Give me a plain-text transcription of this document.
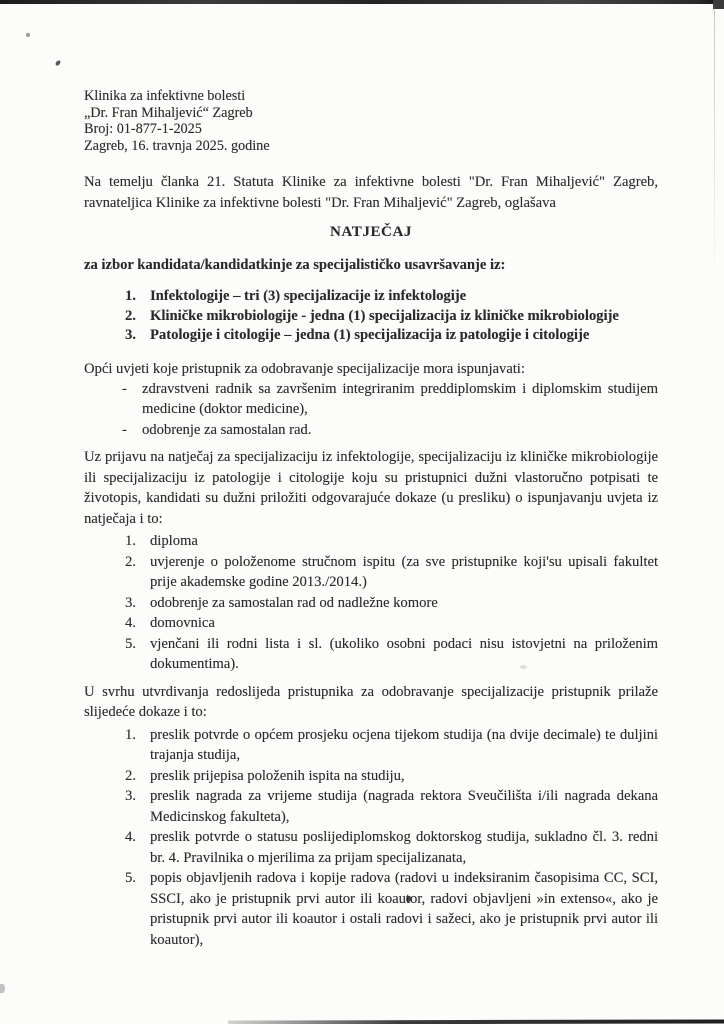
Klinika za infektivne bolesti
„Dr. Fran Mihaljević“ Zagreb
Broj: 01-877-1-2025
Zagreb, 16. travnja 2025. godine

Na temelju članka 21. Statuta Klinike za infektivne bolesti "Dr. Fran Mihaljević" Zagreb, ravnateljica Klinike za infektivne bolesti "Dr. Fran Mihaljević" Zagreb, oglašava

NATJEČAJ

za izbor kandidata/kandidatkinje za specijalističko usavršavanje iz:

Infektologije – tri (3) specijalizacije iz infektologije
Kliničke mikrobiologije - jedna (1) specijalizacija iz kliničke mikrobiologije
Patologije i citologije – jedna (1) specijalizacija iz patologije i citologije

Opći uvjeti koje pristupnik za odobravanje specijalizacije mora ispunjavati:

- zdravstveni radnik sa završenim integriranim preddiplomskim i diplomskim studijem medicine (doktor medicine),
- odobrenje za samostalan rad.

Uz prijavu na natječaj za specijalizaciju iz infektologije, specijalizaciju iz kliničke mikrobiologije ili specijalizaciju iz patologije i citologije koju su pristupnici dužni vlastoručno potpisati te životopis, kandidati su dužni priložiti odgovarajuće dokaze (u presliku) o ispunjavanju uvjeta iz natječaja i to:

diploma
uvjerenje o položenome stručnom ispitu (za sve pristupnike koji'su upisali fakultet prije akademske godine 2013./2014.)
odobrenje za samostalan rad od nadležne komore
domovnica
vjenčani ili rodni lista i sl. (ukoliko osobni podaci nisu istovjetni na priloženim dokumentima).

U svrhu utvrdivanja redoslijeda pristupnika za odobravanje specijalizacije pristupnik prilaže slijedeće dokaze i to:

preslik potvrde o općem prosjeku ocjena tijekom studija (na dvije decimale) te duljini trajanja studija,
preslik prijepisa položenih ispita na studiju,
preslik nagrada za vrijeme studija (nagrada rektora Sveučilišta i/ili nagrada dekana Medicinskog fakulteta),
preslik potvrde o statusu poslijediplomskog doktorskog studija, sukladno čl. 3. redni br. 4. Pravilnika o mjerilima za prijam specijalizanata,
popis objavljenih radova i kopije radova (radovi u indeksiranim časopisima CC, SCI, SSCI, ako je pristupnik prvi autor ili koautor, radovi objavljeni »in extenso«, ako je pristupnik prvi autor ili koautor i ostali radovi i sažeci, ako je pristupnik prvi autor ili koautor),
